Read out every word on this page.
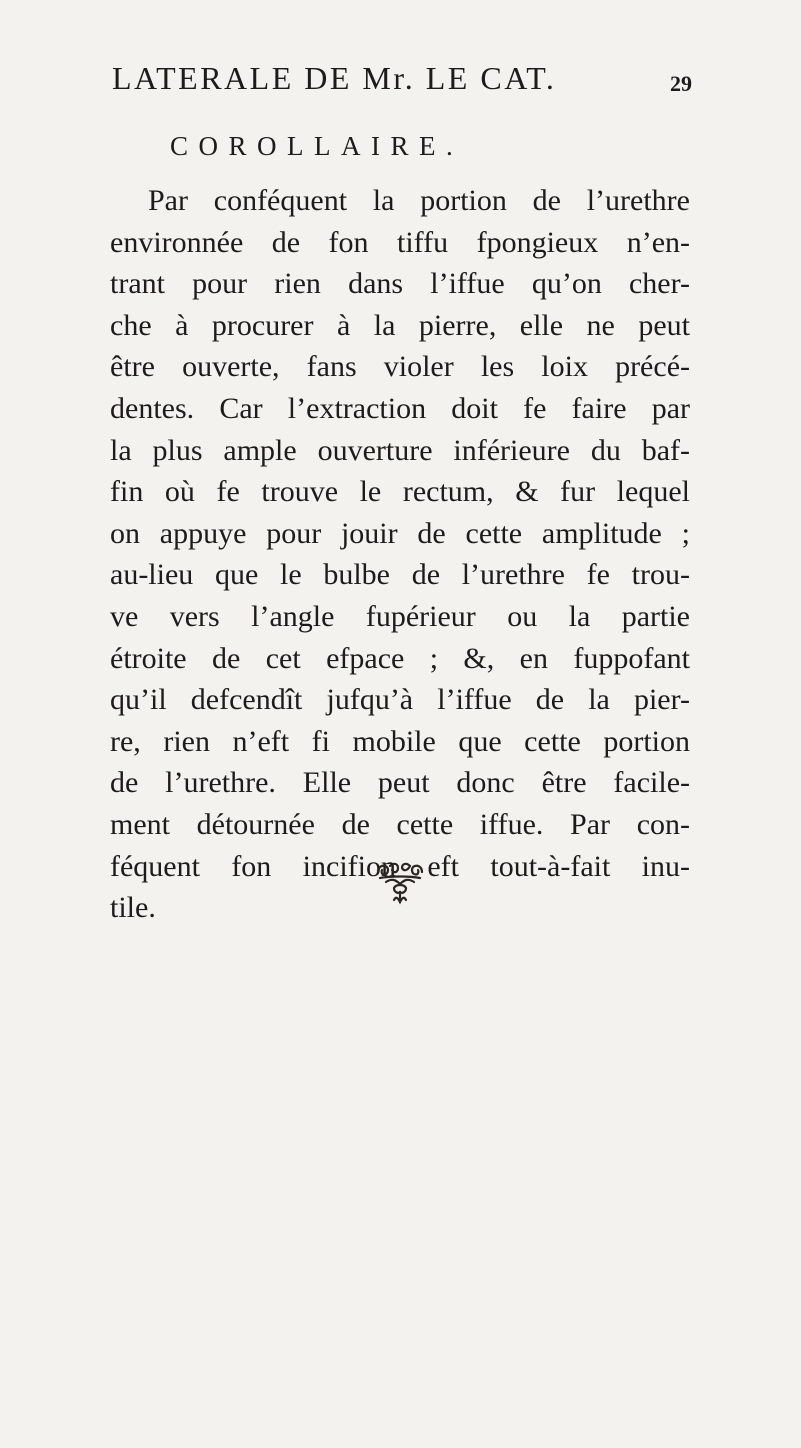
LATERALE DE Mr. LE CAT.	29
COROLLAIRE.
Par conféquent la portion de l’urethre
environnée de fon tiffu fpongieux n’en-
trant pour rien dans l’iffue qu’on cher-
che à procurer à la pierre, elle ne peut
être ouverte, fans violer les loix précé-
dentes. Car l’extraction doit fe faire par
la plus ample ouverture inférieure du baf-
fin où fe trouve le rectum, & fur lequel
on appuye pour jouir de cette amplitude ;
au-lieu que le bulbe de l’urethre fe trou-
ve vers l’angle fupérieur ou la partie
étroite de cet efpace ; &, en fuppofant
qu’il defcendît jufqu’à l’iffue de la pier-
re, rien n’eft fi mobile que cette portion
de l’urethre. Elle peut donc être facile-
ment détournée de cette iffue. Par con-
féquent fon incifion eft tout-à-fait inu-
tile.
